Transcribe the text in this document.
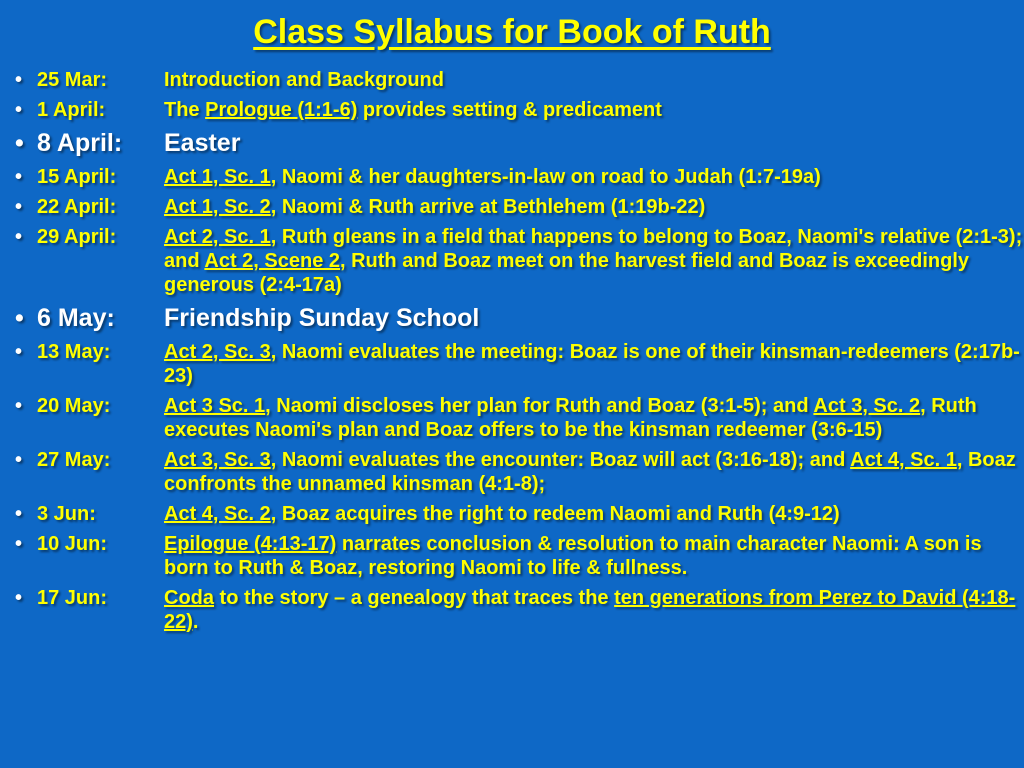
Class Syllabus for Book of Ruth
• 25 Mar:	Introduction and Background
• 1 April:	The Prologue (1:1-6) provides setting & predicament
• 8 April: Easter
• 15 April: Act 1, Sc. 1, Naomi & her daughters-in-law on road to Judah (1:7-19a)
• 22 April: Act 1, Sc. 2, Naomi & Ruth arrive at Bethlehem (1:19b-22)
• 29 April: Act 2, Sc. 1, Ruth gleans in a field that happens to belong to Boaz, Naomi's relative (2:1-3); and Act 2, Scene 2, Ruth and Boaz meet on the harvest field and Boaz is exceedingly generous (2:4-17a)
• 6 May: Friendship Sunday School
• 13 May:	Act 2, Sc. 3, Naomi evaluates the meeting: Boaz is one of their kinsman-redeemers (2:17b-23)
• 20 May:	Act 3 Sc. 1, Naomi discloses her plan for Ruth and Boaz (3:1-5); and Act 3, Sc. 2, Ruth executes Naomi's plan and Boaz offers to be the kinsman redeemer (3:6-15)
• 27 May:	Act 3, Sc. 3, Naomi evaluates the encounter: Boaz will act (3:16-18); and Act 4, Sc. 1, Boaz confronts the unnamed kinsman (4:1-8);
• 3 Jun:	Act 4, Sc. 2, Boaz acquires the right to redeem Naomi and Ruth (4:9-12)
• 10 Jun:	Epilogue (4:13-17) narrates conclusion & resolution to main character Naomi: A son is born to Ruth & Boaz, restoring Naomi to life & fullness.
• 17 Jun:	Coda to the story – a genealogy that traces the ten generations from Perez to David (4:18-22).
